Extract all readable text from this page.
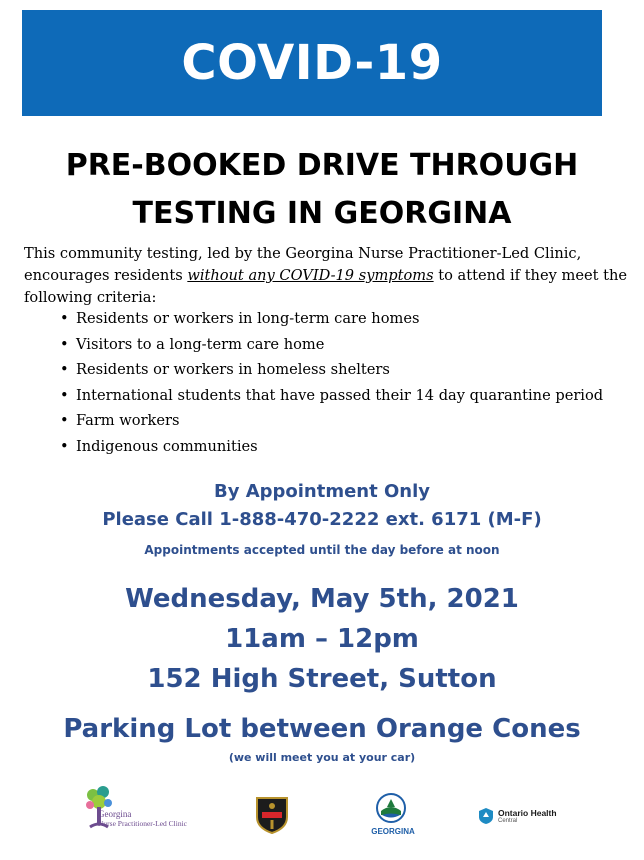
COVID-19
PRE-BOOKED DRIVE THROUGH
TESTING IN GEORGINA
This community testing, led by the Georgina Nurse Practitioner-Led Clinic, encourages residents without any COVID-19 symptoms to attend if they meet the following criteria:
• Residents or workers in long-term care homes
• Visitors to a long-term care home
• Residents or workers in homeless shelters
• International students that have passed their 14 day quarantine period
• Farm workers
• Indigenous communities
By Appointment Only
Please Call 1-888-470-2222 ext. 6171 (M-F)
Appointments accepted until the day before at noon
Wednesday, May 5th, 2021
11am – 12pm
152 High Street, Sutton
Parking Lot between Orange Cones
(we will meet you at your car)
Georgina
Nurse Practitioner-Led Clinic
GEORGINA
Ontario Health
Central
